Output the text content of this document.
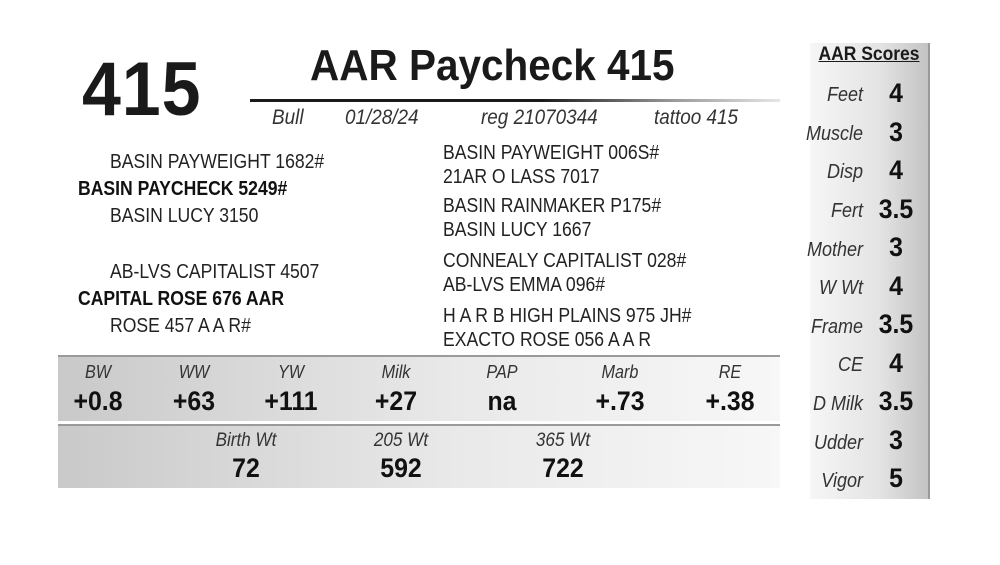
415 AAR Paycheck 415
Bull 01/28/24	reg 21070344	tattoo 415
BASIN PAYWEIGHT 1682#
BASIN PAYCHECK 5249#
BASIN LUCY 3150
BASIN PAYWEIGHT 006S#
21AR O LASS 7017
BASIN RAINMAKER P175#
BASIN LUCY 1667
AB-LVS CAPITALIST 4507
CAPITAL ROSE 676 AAR
ROSE 457 A A R#
CONNEALY CAPITALIST 028#
AB-LVS EMMA 096#
H A R B HIGH PLAINS 975 JH#
EXACTO ROSE 056 A A R
BW
+0.8
WW
+63
YW
+111
Milk
+27
PAP
na
Marb
+.73
RE
+.38
Birth Wt
72
205 Wt
592
365 Wt
722
AAR Scores
Feet 4
Muscle 3
Disp 4
Fert 3.5
Mother 3
W Wt 4
Frame 3.5
CE 4
D Milk 3.5
Udder 3
Vigor 5
